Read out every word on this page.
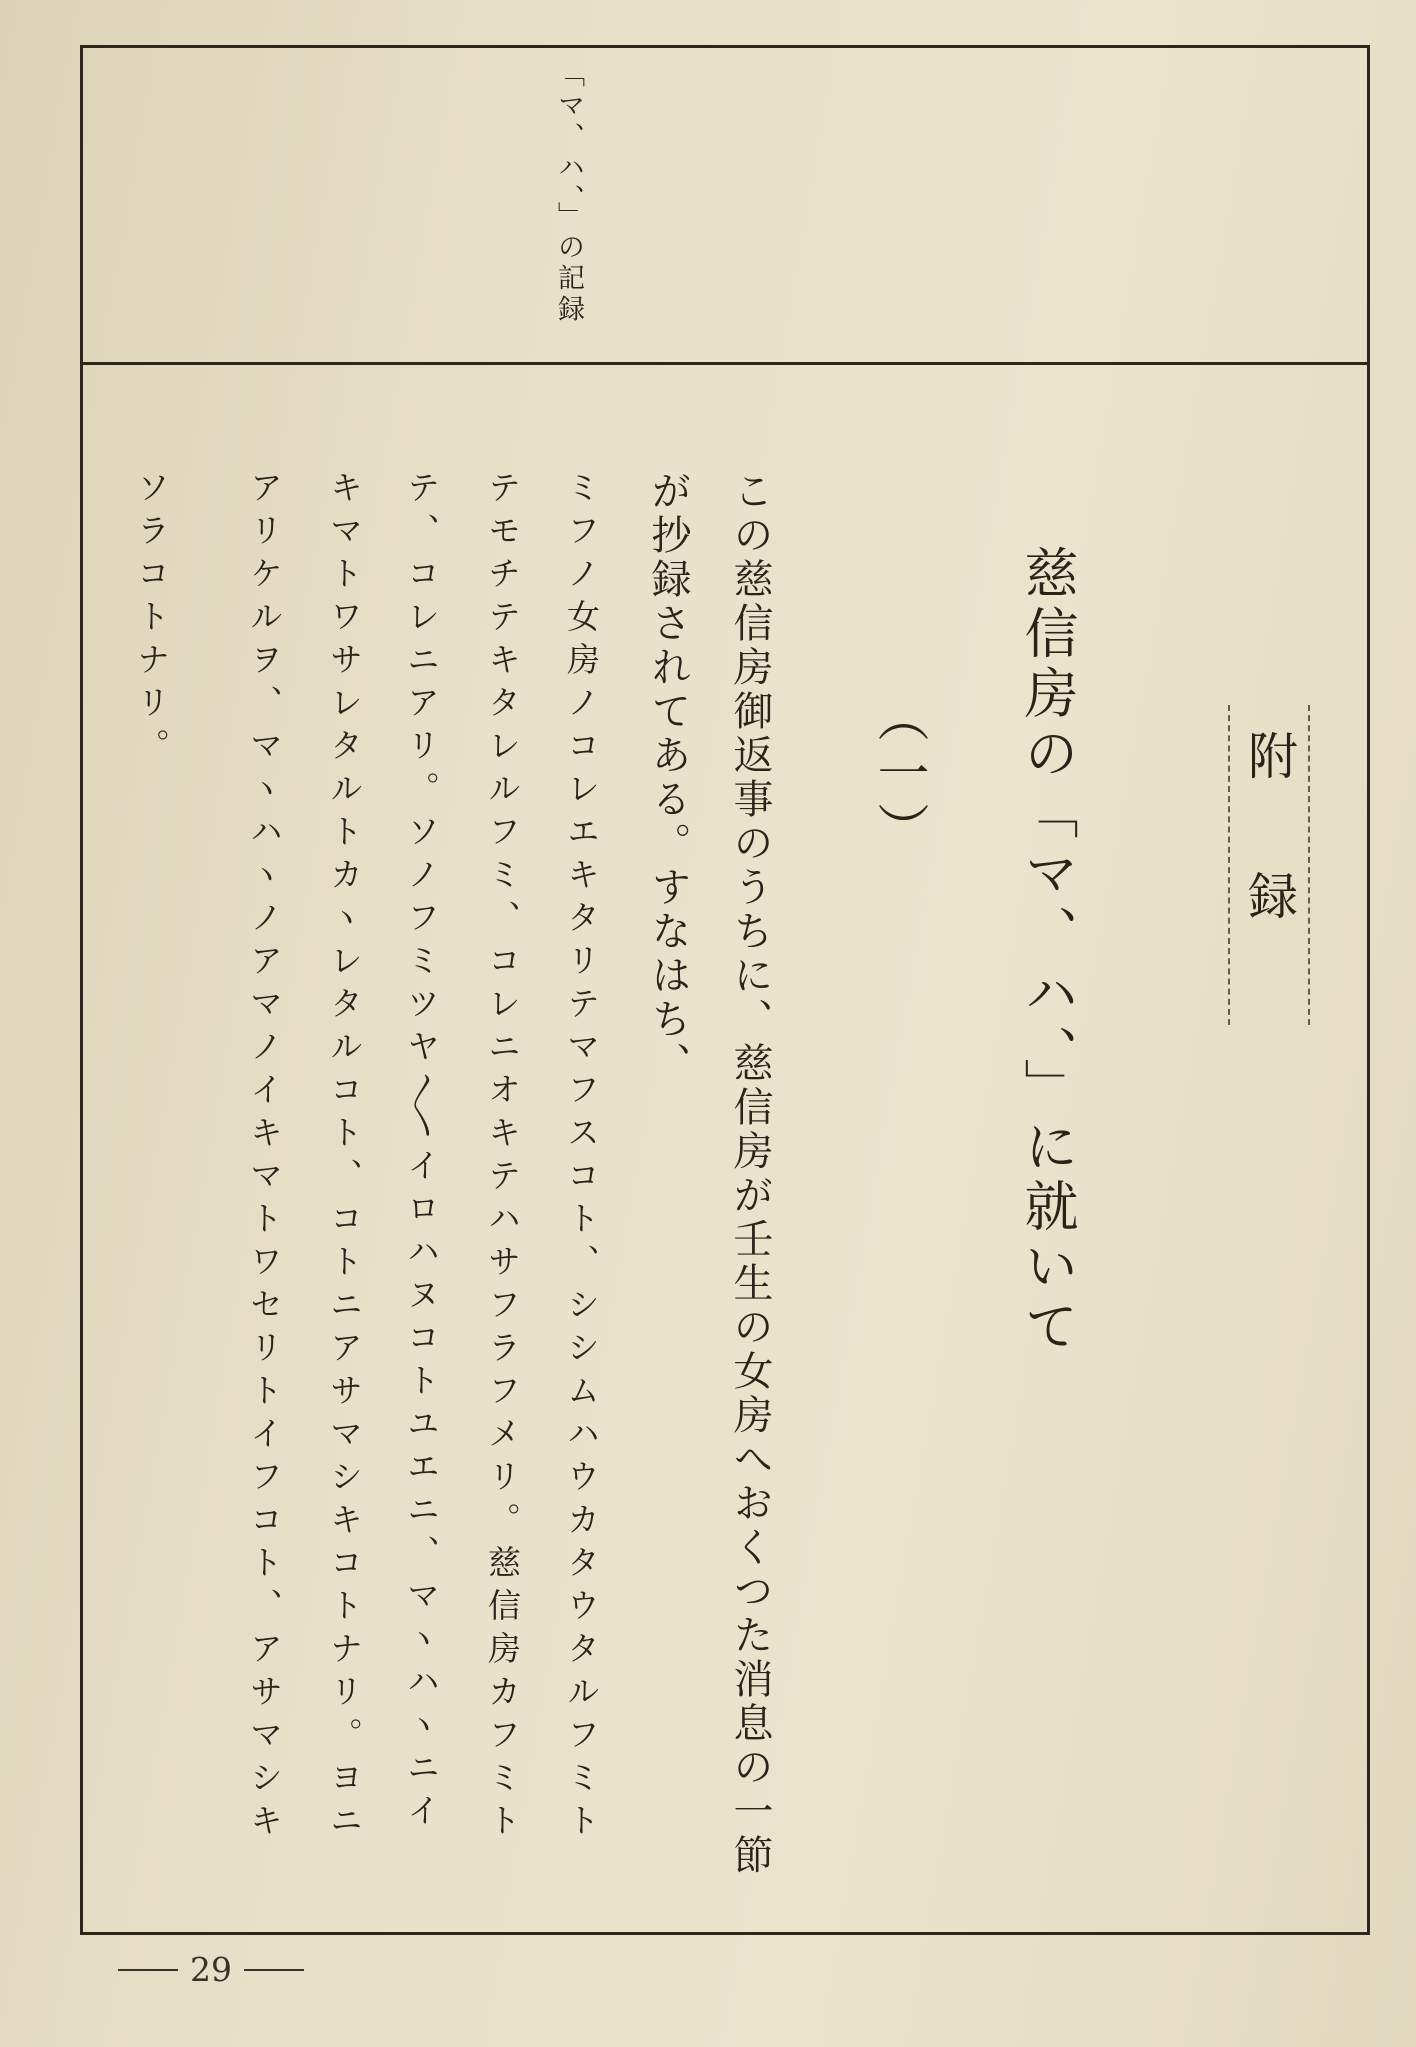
「マ、ハ、」の記録
附録
慈信房の「マ、ハ、」に就いて
（一）
この慈信房御返事のうちに、慈信房が壬生の女房へおくつた消息の一節
が抄録されてある。すなはち、
ミフノ女房ノコレエキタリテマフスコト、シシムハウカタウタルフミト
テモチテキタレルフミ、コレニオキテハサフラフメリ。慈信房カフミト
テ、コレニアリ。ソノフミツヤ〳〵イロハヌコトユエニ、マヽハヽニイ
キマトワサレタルトカヽレタルコト、コトニアサマシキコトナリ。ヨニ
アリケルヲ、マヽハヽノアマノイキマトワセリトイフコト、アサマシキ
ソラコトナリ。
29
